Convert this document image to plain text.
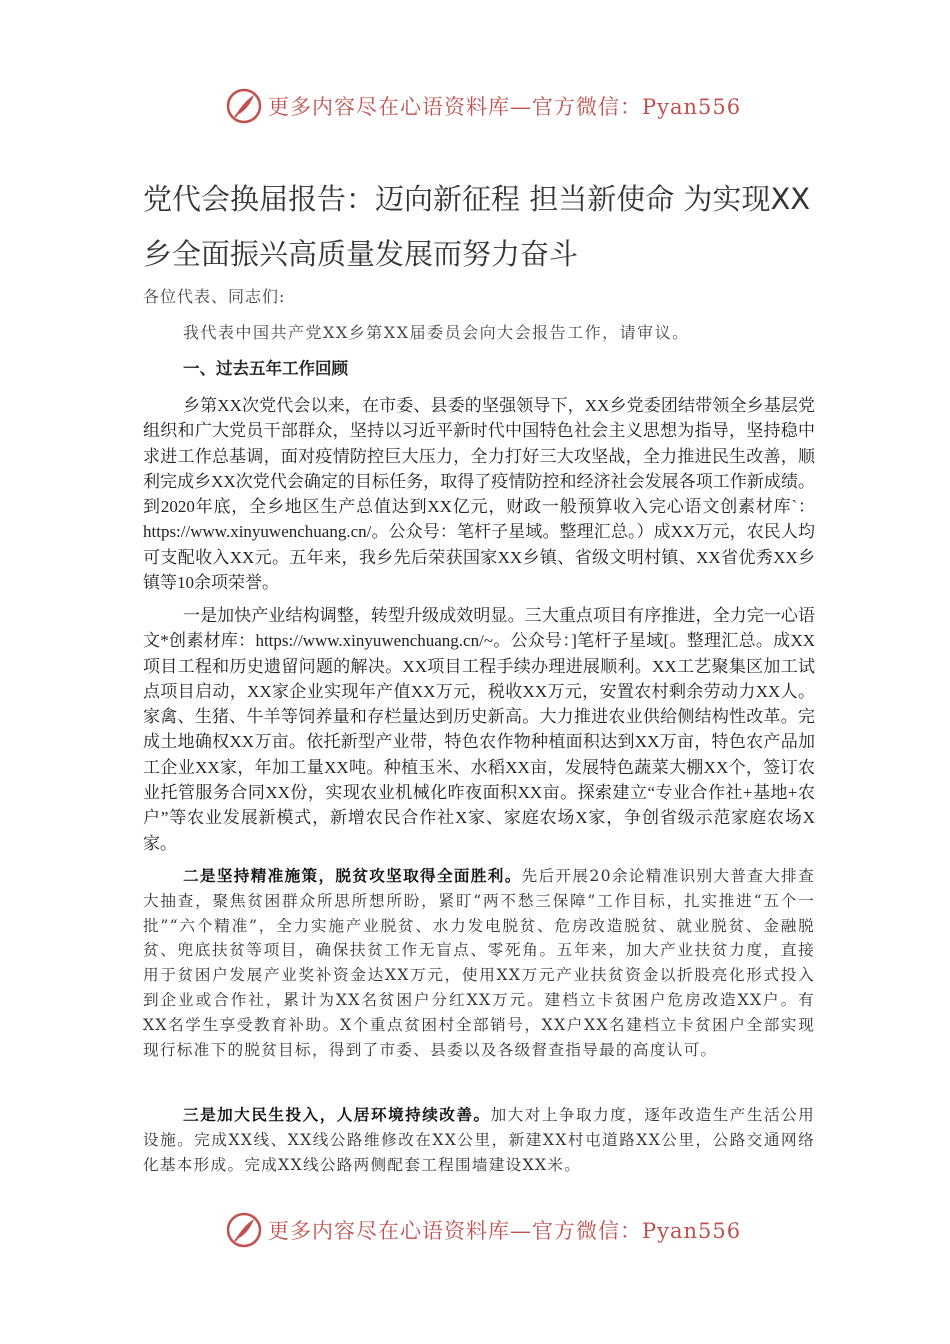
更多内容尽在心语资料库—官方微信：Pyan556
党代会换届报告：迈向新征程 担当新使命 为实现XX乡全面振兴高质量发展而努力奋斗

各位代表、同志们:

我代表中国共产党XX乡第XX届委员会向大会报告工作，请审议。

一、过去五年工作回顾

乡第XX次党代会以来，在市委、县委的坚强领导下，XX乡党委团结带领全乡基层党组织和广大党员干部群众，坚持以习近平新时代中国特色社会主义思想为指导，坚持稳中求进工作总基调，面对疫情防控巨大压力，全力打好三大攻坚战，全力推进民生改善，顺利完成乡XX次党代会确定的目标任务，取得了疫情防控和经济社会发展各项工作新成绩。到2020年底，全乡地区生产总值达到XX亿元，财政一般预算收入完心语文创素材库`：https://www.xinyuwenchuang.cn/。公众号：笔杆子星域。整理汇总。）成XX万元，农民人均可支配收入XX元。五年来，我乡先后荣获国家XX乡镇、省级文明村镇、XX省优秀XX乡镇等10余项荣誉。

一是加快产业结构调整，转型升级成效明显。三大重点项目有序推进，全力完一心语文*创素材库：https://www.xinyuwenchuang.cn/~。公众号：]笔杆子星域[。整理汇总。成XX项目工程和历史遗留问题的解决。XX项目工程手续办理进展顺利。XX工艺聚集区加工试点项目启动，XX家企业实现年产值XX万元，税收XX万元，安置农村剩余劳动力XX人。家禽、生猪、牛羊等饲养量和存栏量达到历史新高。大力推进农业供给侧结构性改革。完成土地确权XX万亩。依托新型产业带，特色农作物种植面积达到XX万亩，特色农产品加工企业XX家，年加工量XX吨。种植玉米、水稻XX亩，发展特色蔬菜大棚XX个，签订农业托管服务合同XX份，实现农业机械化昨夜面积XX亩。探索建立“专业合作社+基地+农户”等农业发展新模式，新增农民合作社X家、家庭农场X家，争创省级示范家庭农场X家。

二是坚持精准施策，脱贫攻坚取得全面胜利。先后开展20余论精准识别大普查大排查大抽查，聚焦贫困群众所思所想所盼，紧盯“两不愁三保障”工作目标，扎实推进“五个一批”“六个精准”，全力实施产业脱贫、水力发电脱贫、危房改造脱贫、就业脱贫、金融脱贫、兜底扶贫等项目，确保扶贫工作无盲点、零死角。五年来，加大产业扶贫力度，直接用于贫困户发展产业奖补资金达XX万元，使用XX万元产业扶贫资金以折股亮化形式投入到企业或合作社，累计为XX名贫困户分红XX万元。建档立卡贫困户危房改造XX户。有XX名学生享受教育补助。X个重点贫困村全部销号，XX户XX名建档立卡贫困户全部实现现行标准下的脱贫目标，得到了市委、县委以及各级督查指导最的高度认可。

三是加大民生投入，人居环境持续改善。加大对上争取力度，逐年改造生产生活公用设施。完成XX线、XX线公路维修改在XX公里，新建XX村屯道路XX公里，公路交通网络化基本形成。完成XX线公路两侧配套工程围墙建设XX米。

更多内容尽在心语资料库—官方微信：Pyan556
